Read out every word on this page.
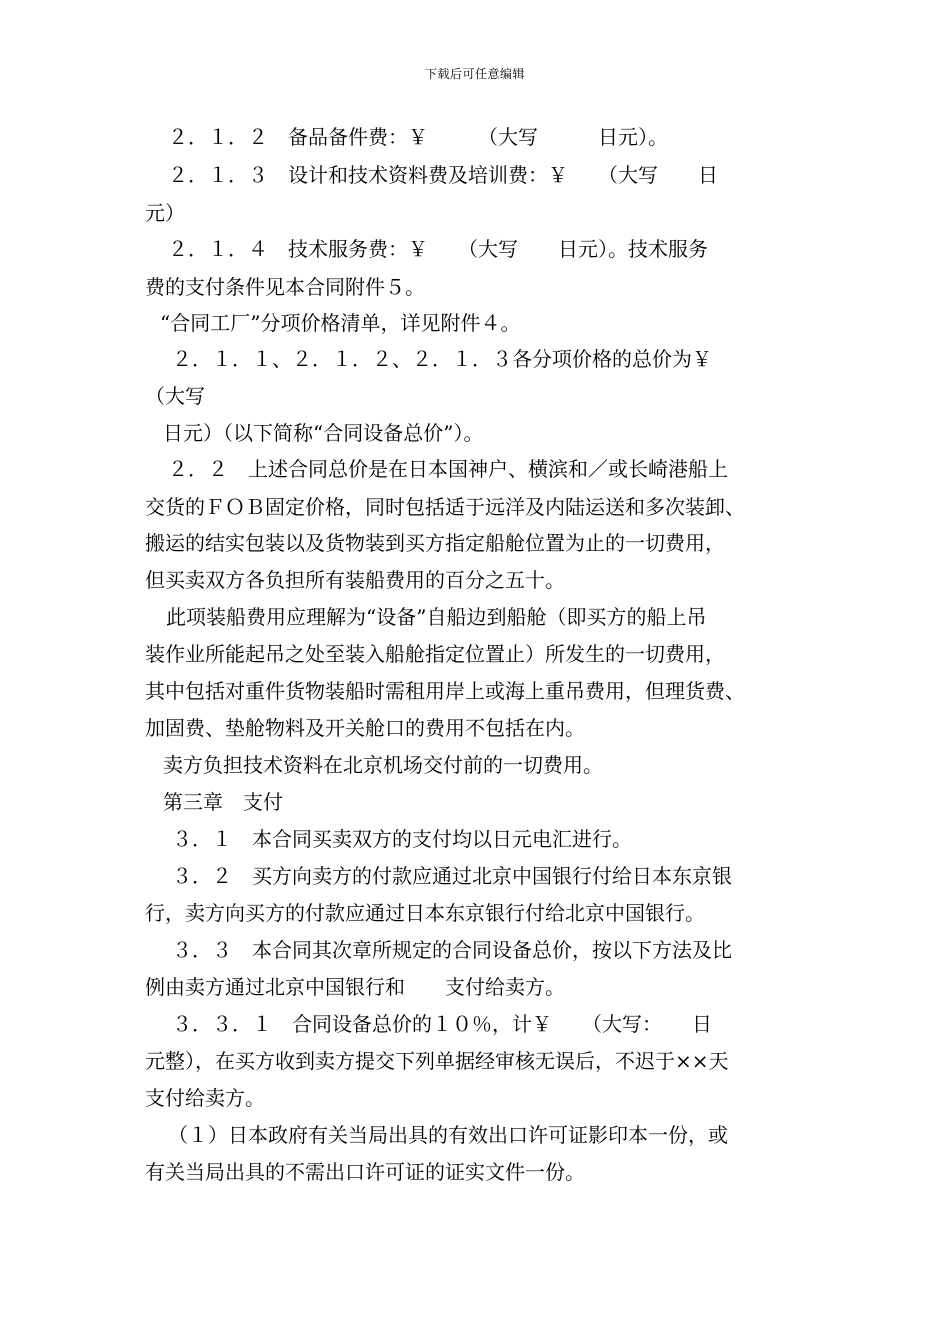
下载后可任意编辑
２．１．２　备品备件费：￥　　　（大写　　　日元）。
２．１．３　设计和技术资料费及培训费：￥　　（大写　　日
元）
２．１．４　技术服务费：￥　　（大写　　日元）。技术服务
费的支付条件见本合同附件５。
“合同工厂”分项价格清单，详见附件４。
２．１．１、２．１．２、２．１．３各分项价格的总价为￥
（大写
日元）（以下简称“合同设备总价”）。
２．２　上述合同总价是在日本国神户、横滨和／或长崎港船上
交货的ＦＯＢ固定价格，同时包括适于远洋及内陆运送和多次装卸、
搬运的结实包装以及货物装到买方指定船舱位置为止的一切费用，
但买卖双方各负担所有装船费用的百分之五十。
此项装船费用应理解为“设备”自船边到船舱（即买方的船上吊
装作业所能起吊之处至装入船舱指定位置止）所发生的一切费用，
其中包括对重件货物装船时需租用岸上或海上重吊费用，但理货费、
加固费、垫舱物料及开关舱口的费用不包括在内。
卖方负担技术资料在北京机场交付前的一切费用。
第三章　支付
３．１　本合同买卖双方的支付均以日元电汇进行。
３．２　买方向卖方的付款应通过北京中国银行付给日本东京银
行，卖方向买方的付款应通过日本东京银行付给北京中国银行。
３．３　本合同其次章所规定的合同设备总价，按以下方法及比
例由卖方通过北京中国银行和　　支付给卖方。
３．３．１　合同设备总价的１０％，计￥　　（大写：　　日
元整），在买方收到卖方提交下列单据经审核无误后，不迟于××天
支付给卖方。
（１）日本政府有关当局出具的有效出口许可证影印本一份，或
有关当局出具的不需出口许可证的证实文件一份。
